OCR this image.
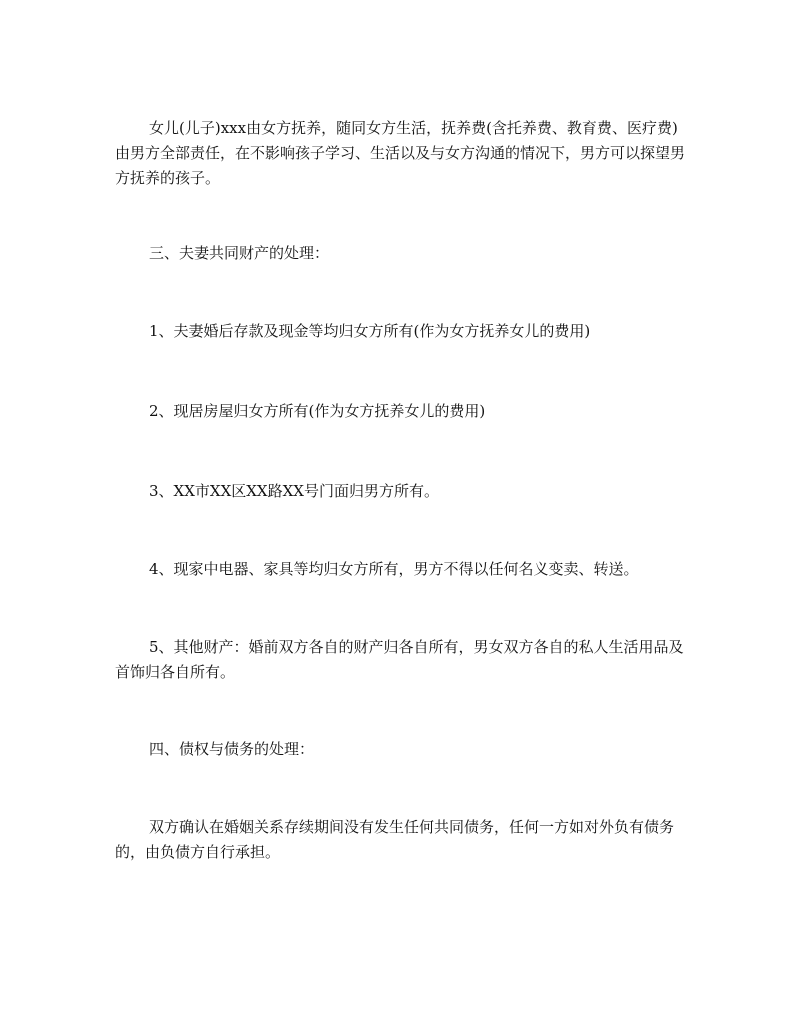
女儿(儿子)xxx由女方抚养，随同女方生活，抚养费(含托养费、教育费、医疗费)由男方全部责任，在不影响孩子学习、生活以及与女方沟通的情况下，男方可以探望男方抚养的孩子。

三、夫妻共同财产的处理：

1、夫妻婚后存款及现金等均归女方所有(作为女方抚养女儿的费用)

2、现居房屋归女方所有(作为女方抚养女儿的费用)

3、XX市XX区XX路XX号门面归男方所有。

4、现家中电器、家具等均归女方所有，男方不得以任何名义变卖、转送。

5、其他财产：婚前双方各自的财产归各自所有，男女双方各自的私人生活用品及首饰归各自所有。

四、债权与债务的处理：

双方确认在婚姻关系存续期间没有发生任何共同债务，任何一方如对外负有债务的，由负债方自行承担。
